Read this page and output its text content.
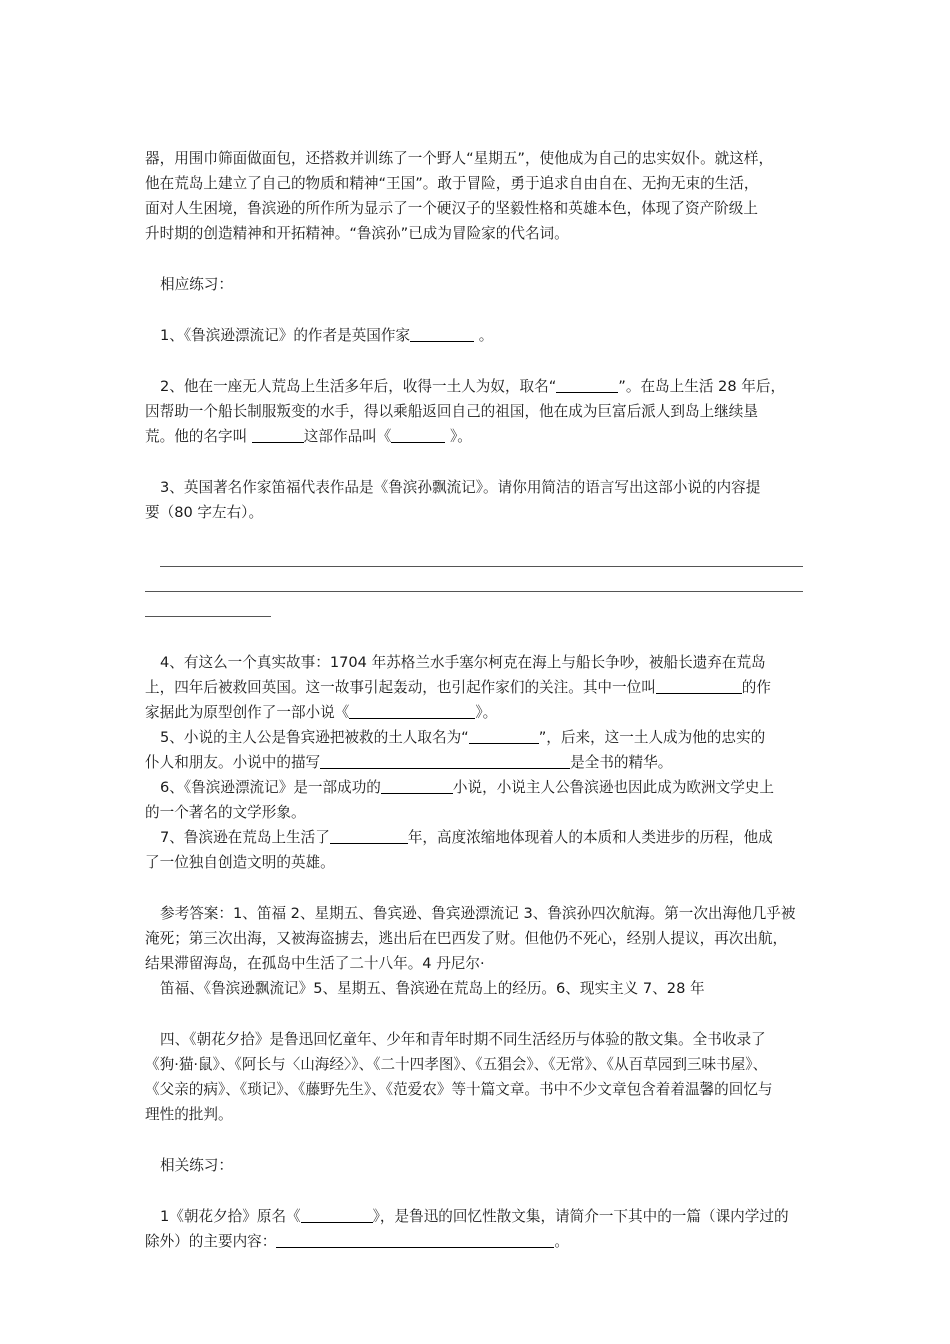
器，用围巾筛面做面包，还搭救并训练了一个野人“星期五”，使他成为自己的忠实奴仆。就这样，

他在荒岛上建立了自己的物质和精神“王国”。敢于冒险，勇于追求自由自在、无拘无束的生活，

面对人生困境，鲁滨逊的所作所为显示了一个硬汉子的坚毅性格和英雄本色，体现了资产阶级上

升时期的创造精神和开拓精神。“鲁滨孙”已成为冒险家的代名词。

相应练习：

1、《鲁滨逊漂流记》的作者是英国作家	。

2、他在一座无人荒岛上生活多年后，收得一土人为奴，取名“	”。在岛上生活 28 年后，

因帮助一个船长制服叛变的水手，得以乘船返回自己的祖国，他在成为巨富后派人到岛上继续垦

荒。他的名字叫	这部作品叫《	》。

3、英国著名作家笛福代表作品是《鲁滨孙飘流记》。请你用简洁的语言写出这部小说的内容提

要（80 字左右）。

4、有这么一个真实故事：1704 年苏格兰水手塞尔柯克在海上与船长争吵，被船长遗弃在荒岛

上，四年后被救回英国。这一故事引起轰动，也引起作家们的关注。其中一位叫	的作

家据此为原型创作了一部小说《	》。

5、小说的主人公是鲁宾逊把被救的土人取名为“	”，后来，这一土人成为他的忠实的

仆人和朋友。小说中的描写	是全书的精华。

6、《鲁滨逊漂流记》是一部成功的	小说，小说主人公鲁滨逊也因此成为欧洲文学史上

的一个著名的文学形象。

7、鲁滨逊在荒岛上生活了	年，高度浓缩地体现着人的本质和人类进步的历程，他成

了一位独自创造文明的英雄。

参考答案：1、笛福 2、星期五、鲁宾逊、鲁宾逊漂流记 3、鲁滨孙四次航海。第一次出海他几乎被

淹死；第三次出海，又被海盗掳去，逃出后在巴西发了财。但他仍不死心，经别人提议，再次出航，

结果滞留海岛，在孤岛中生活了二十八年。4 丹尼尔·

笛福、《鲁滨逊飘流记》5、星期五、鲁滨逊在荒岛上的经历。6、现实主义 7、28 年

四、《朝花夕拾》是鲁迅回忆童年、少年和青年时期不同生活经历与体验的散文集。全书收录了

《狗·猫·鼠》、《阿长与〈山海经〉》、《二十四孝图》、《五猖会》、《无常》、《从百草园到三味书屋》、

《父亲的病》、《琐记》、《藤野先生》、《范爱农》等十篇文章。书中不少文章包含着着温馨的回忆与

理性的批判。

相关练习：

1《朝花夕拾》原名《	》，是鲁迅的回忆性散文集，请简介一下其中的一篇（课内学过的

除外）的主要内容：	。
